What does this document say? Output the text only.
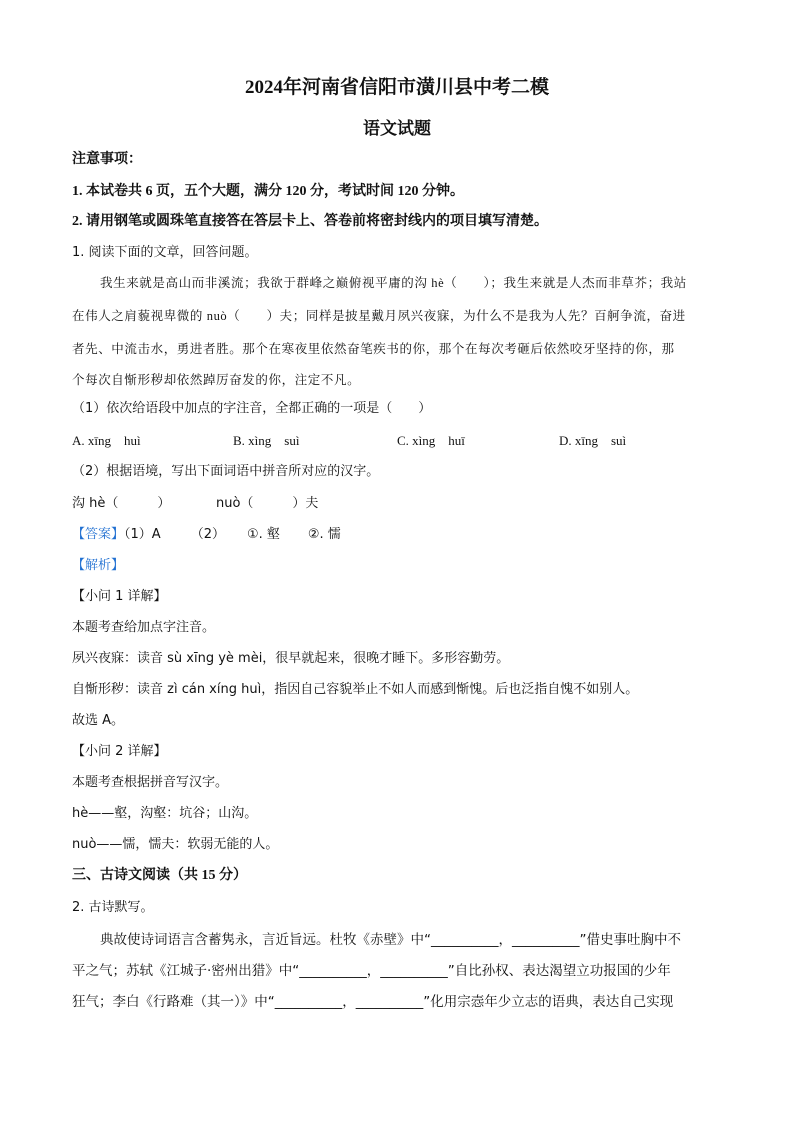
2024年河南省信阳市潢川县中考二模
语文试题
注意事项：
1. 本试卷共 6 页，五个大题，满分 120 分，考试时间 120 分钟。
2. 请用钢笔或圆珠笔直接答在答层卡上、答卷前将密封线内的项目填写清楚。
1. 阅读下面的文章，回答问题。
我生来就是高山而非溪流；我欲于群峰之巅俯视平庸的沟 hè（　　）；我生来就是人杰而非草芥；我站
在伟人之肩藐视卑微的 nuò（　　）夫；同样是披星戴月夙兴夜寐，为什么不是我为人先？百舸争流，奋进
者先、中流击水，勇进者胜。那个在寒夜里依然奋笔疾书的你，那个在每次考砸后依然咬牙坚持的你，那
个每次自惭形秽却依然踔厉奋发的你，注定不凡。
（1）依次给语段中加点的字注音，全都正确的一项是（　　）
A. xīng　huì	B. xìng　suì	C. xìng　huī	D. xīng　suì
（2）根据语境，写出下面词语中拼音所对应的汉字。
沟 hè（　　　）	nuò（　　　）夫
【答案】（1）A （2） ①. 壑 ②. 懦
【解析】
【小问 1 详解】
本题考查给加点字注音。
夙兴夜寐：读音 sù xīng yè mèi，很早就起来，很晚才睡下。多形容勤劳。
自惭形秽：读音 zì cán xíng huì，指因自己容貌举止不如人而感到惭愧。后也泛指自愧不如别人。
故选 A。
【小问 2 详解】
本题考查根据拼音写汉字。
hè——壑，沟壑：坑谷；山沟。
nuò——懦，懦夫：软弱无能的人。
三、古诗文阅读（共 15 分）
2. 古诗默写。
典故使诗词语言含蓄隽永，言近旨远。杜牧《赤壁》中“__________，__________”借史事吐胸中不
平之气；苏轼《江城子·密州出猎》中“__________，__________”自比孙权、表达渴望立功报国的少年
狂气；李白《行路难（其一）》中“__________，__________”化用宗悫年少立志的语典，表达自己实现
